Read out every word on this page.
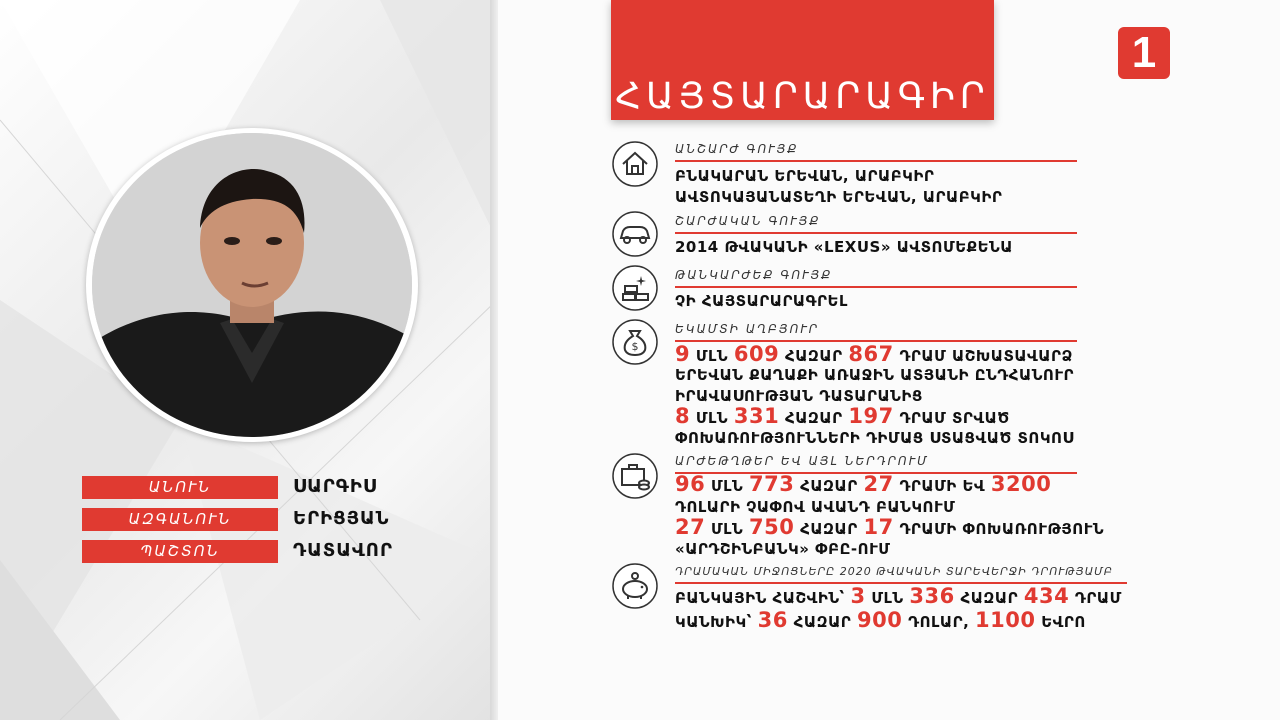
ԱՆՈՒՆ	ՍԱՐԳԻՍ
ԱԶԳԱՆՈՒՆ	ԵՐԻՑՅԱՆ
ՊԱՇՏՈՆ	ԴԱՏԱՎՈՐ
ՀԱՅՏԱՐԱՐԱԳԻՐ
1
ԱՆՇԱՐԺ ԳՈՒՅՔ
ԲՆԱԿԱՐԱՆ ԵՐԵՎԱՆ, ԱՐԱԲԿԻՐ
ԱՎՏՈԿԱՅԱՆԱՏԵՂԻ ԵՐԵՎԱՆ, ԱՐԱԲԿԻՐ
ՇԱՐԺԱԿԱՆ ԳՈՒՅՔ
2014 ԹՎԱԿԱՆԻ «LEXUS» ԱՎՏՈՄԵՔԵՆԱ
ԹԱՆԿԱՐԺԵՔ ԳՈՒՅՔ
ՉԻ ՀԱՅՏԱՐԱՐԱԳՐԵԼ
$
ԵԿԱՄՏԻ ԱՂԲՅՈՒՐ
9 ՄԼՆ 609 ՀԱԶԱՐ 867 ԴՐԱՄ ԱՇԽԱՏԱՎԱՐՁ
ԵՐԵՎԱՆ ՔԱՂԱՔԻ ԱՌԱՋԻՆ ԱՏՅԱՆԻ ԸՆԴՀԱՆՈՒՐ
ԻՐԱՎԱՍՈՒԹՅԱՆ ԴԱՏԱՐԱՆԻՑ
8 ՄԼՆ 331 ՀԱԶԱՐ 197 ԴՐԱՄ ՏՐՎԱԾ
ՓՈԽԱՌՈՒԹՅՈՒՆՆԵՐԻ ԴԻՄԱՑ ՍՏԱՑՎԱԾ ՏՈԿՈՍ
ԱՐԺԵԹՂԹԵՐ ԵՎ ԱՅԼ ՆԵՐԴՐՈՒՄ
96 ՄԼՆ 773 ՀԱԶԱՐ 27 ԴՐԱՄԻ ԵՎ 3200
ԴՈԼԱՐԻ ՉԱՓՈՎ ԱՎԱՆԴ ԲԱՆԿՈՒՄ
27 ՄԼՆ 750 ՀԱԶԱՐ 17 ԴՐԱՄԻ ՓՈԽԱՌՈՒԹՅՈՒՆ
«ԱՐԴՇԻՆԲԱՆԿ» ՓԲԸ-ՈՒՄ
ԴՐԱՄԱԿԱՆ ՄԻՋՈՑՆԵՐԸ 2020 ԹՎԱԿԱՆԻ ՏԱՐԵՎԵՐՋԻ ԴՐՈՒԹՅԱՄԲ
ԲԱՆԿԱՅԻՆ ՀԱՇՎԻՆ՝ 3 ՄԼՆ 336 ՀԱԶԱՐ 434 ԴՐԱՄ
ԿԱՆԽԻԿ՝ 36 ՀԱԶԱՐ 900 ԴՈԼԱՐ, 1100 ԵՎՐՈ
